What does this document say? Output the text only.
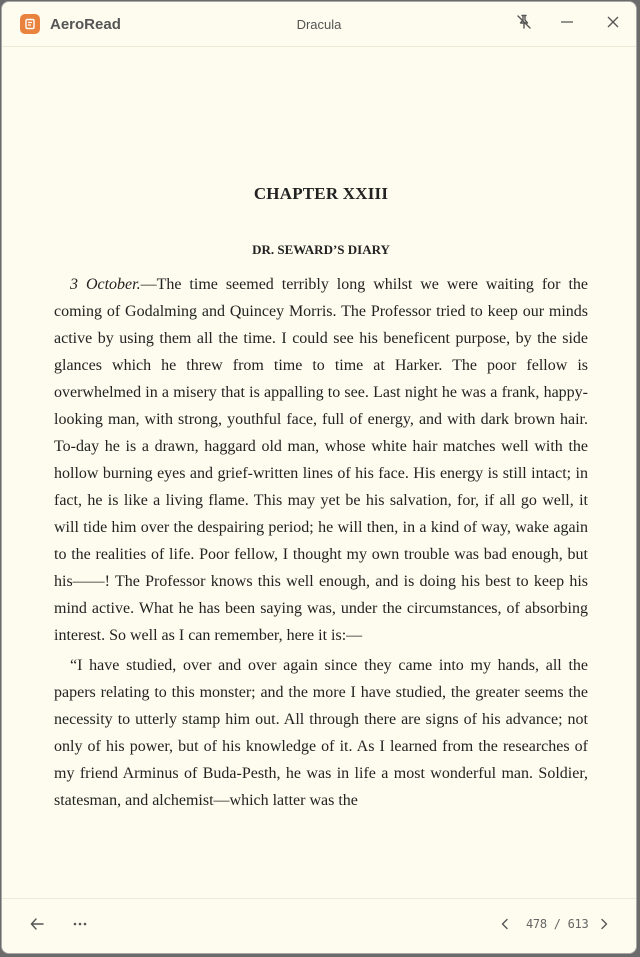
AeroRead	Dracula
CHAPTER XXIII
DR. SEWARD’S DIARY

3 October.—The time seemed terribly long whilst we were waiting for the coming of Godalming and Quincey Morris. The Professor tried to keep our minds active by using them all the time. I could see his beneficent purpose, by the side glances which he threw from time to time at Harker. The poor fellow is overwhelmed in a misery that is appalling to see. Last night he was a frank, happy-looking man, with strong, youthful face, full of energy, and with dark brown hair. To-day he is a drawn, haggard old man, whose white hair matches well with the hollow burning eyes and grief-written lines of his face. His energy is still intact; in fact, he is like a living flame. This may yet be his salvation, for, if all go well, it will tide him over the despairing period; he will then, in a kind of way, wake again to the realities of life. Poor fellow, I thought my own trouble was bad enough, but his——! The Professor knows this well enough, and is doing his best to keep his mind active. What he has been saying was, under the circumstances, of absorbing interest. So well as I can remember, here it is:—

“I have studied, over and over again since they came into my hands, all the papers relating to this monster; and the more I have studied, the greater seems the necessity to utterly stamp him out. All through there are signs of his advance; not only of his power, but of his knowledge of it. As I learned from the researches of my friend Arminus of Buda-Pesth, he was in life a most wonderful man. Soldier, statesman, and alchemist—which latter was the

478 / 613
